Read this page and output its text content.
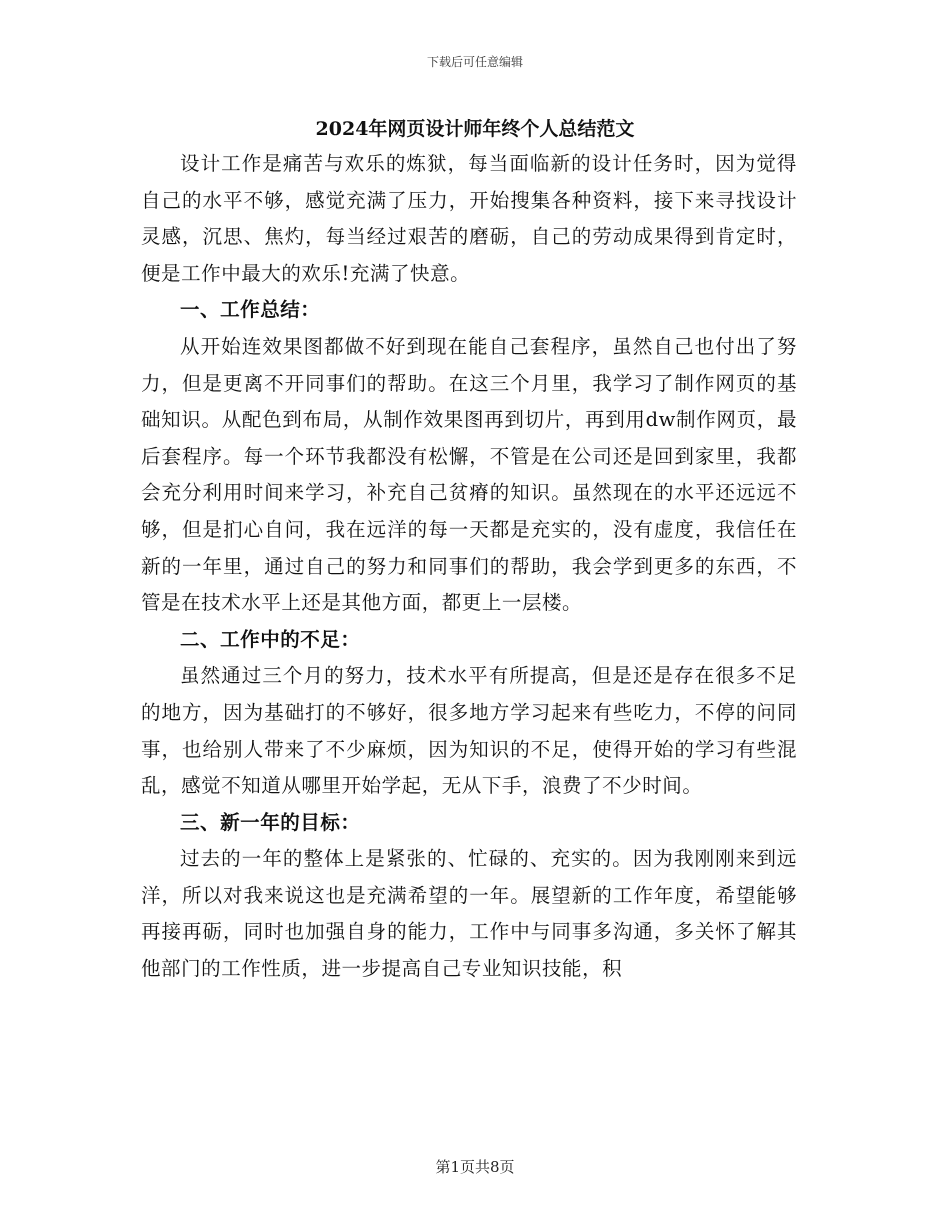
下载后可任意编辑
2024年网页设计师年终个人总结范文

设计工作是痛苦与欢乐的炼狱，每当面临新的设计任务时，因为觉得自己的水平不够，感觉充满了压力，开始搜集各种资料，接下来寻找设计灵感，沉思、焦灼，每当经过艰苦的磨砺，自己的劳动成果得到肯定时，便是工作中最大的欢乐!充满了快意。

一、工作总结：

从开始连效果图都做不好到现在能自己套程序，虽然自己也付出了努力，但是更离不开同事们的帮助。在这三个月里，我学习了制作网页的基础知识。从配色到布局，从制作效果图再到切片，再到用dw制作网页，最后套程序。每一个环节我都没有松懈，不管是在公司还是回到家里，我都会充分利用时间来学习，补充自己贫瘠的知识。虽然现在的水平还远远不够，但是扪心自问，我在远洋的每一天都是充实的，没有虚度，我信任在新的一年里，通过自己的努力和同事们的帮助，我会学到更多的东西，不管是在技术水平上还是其他方面，都更上一层楼。

二、工作中的不足：

虽然通过三个月的努力，技术水平有所提高，但是还是存在很多不足的地方，因为基础打的不够好，很多地方学习起来有些吃力，不停的问同事，也给别人带来了不少麻烦，因为知识的不足，使得开始的学习有些混乱，感觉不知道从哪里开始学起，无从下手，浪费了不少时间。

三、新一年的目标：

过去的一年的整体上是紧张的、忙碌的、充实的。因为我刚刚来到远洋，所以对我来说这也是充满希望的一年。展望新的工作年度，希望能够再接再砺，同时也加强自身的能力，工作中与同事多沟通，多关怀了解其他部门的工作性质，进一步提高自己专业知识技能，积

第1页共8页
